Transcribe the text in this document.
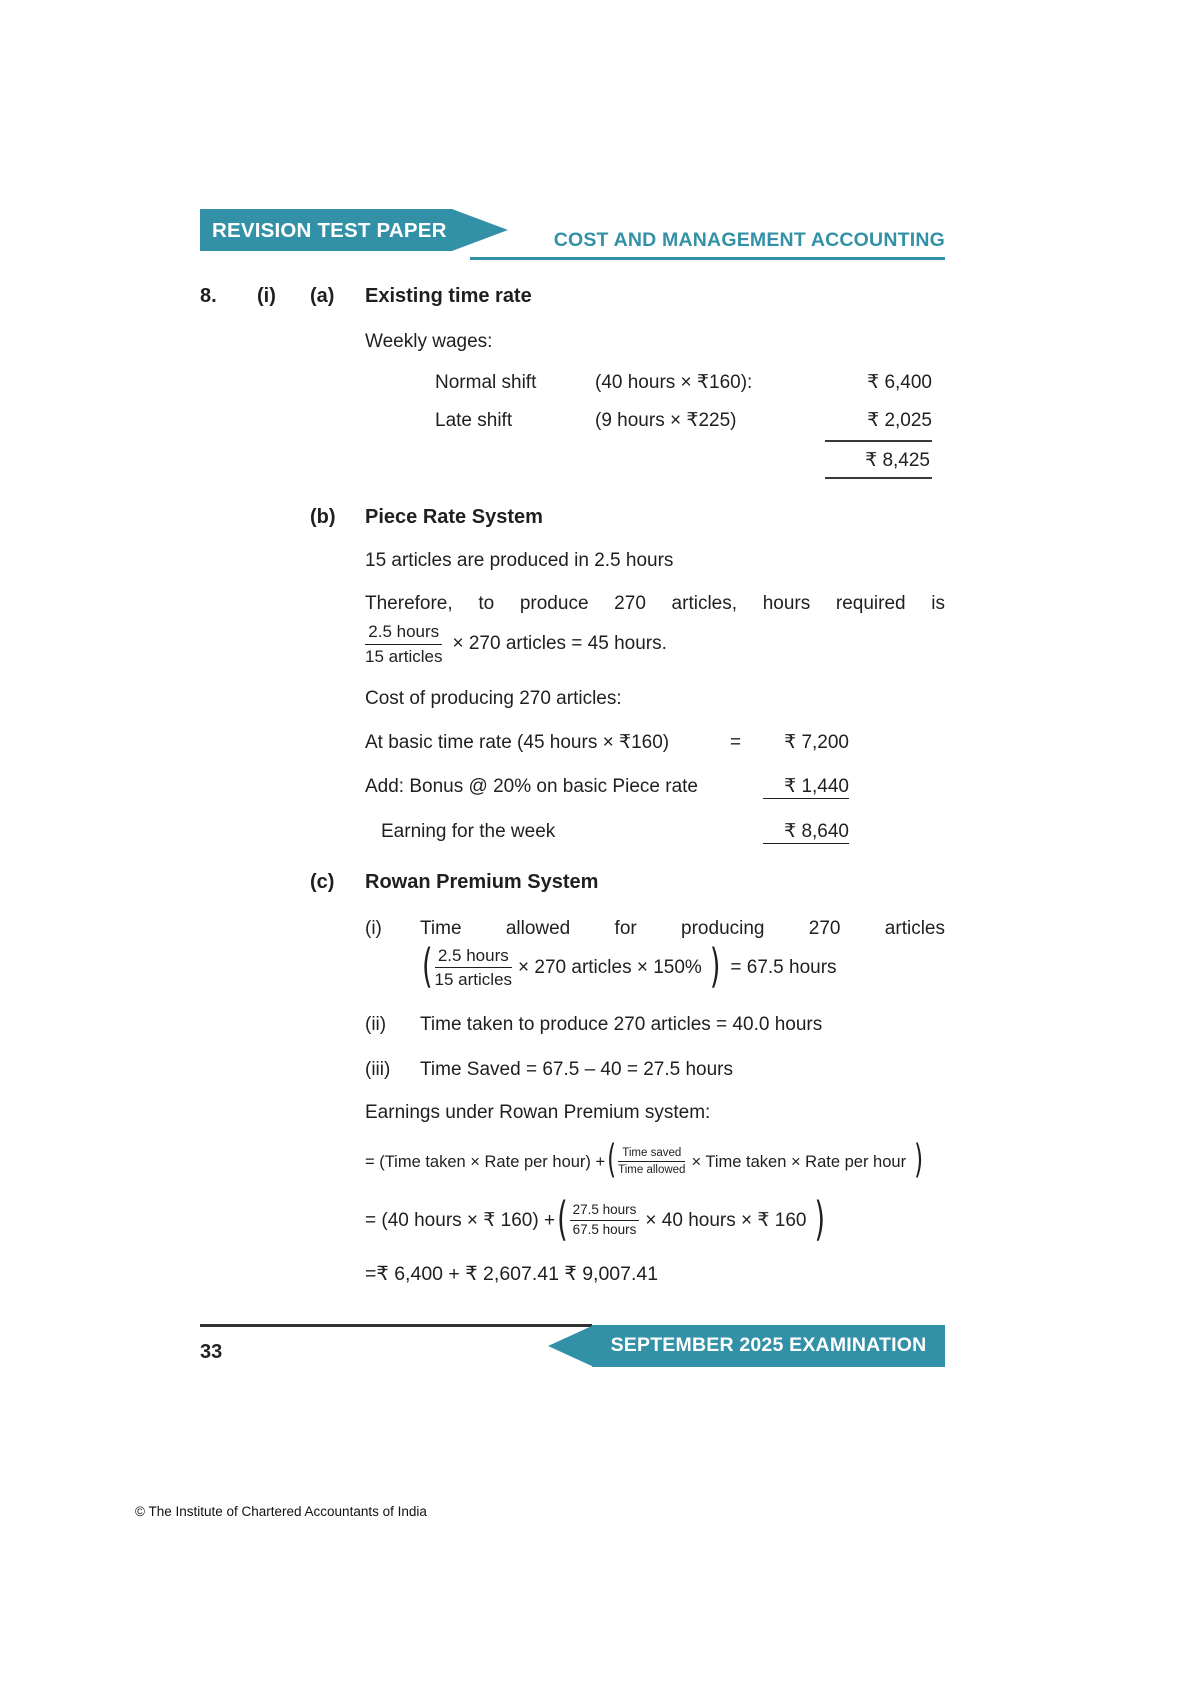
REVISION TEST PAPER	COST AND MANAGEMENT ACCOUNTING
8.	(i)	(a)	Existing time rate
Weekly wages:
Normal shift	(40 hours × ₹160):	₹ 6,400
Late shift	(9 hours × ₹225)	₹ 2,025
₹ 8,425
(b)	Piece Rate System
15 articles are produced in 2.5 hours
Therefore, to produce 270 articles, hours required is
$\frac{\text{2.5 hours}}{\text{15 articles}} \times 270$ articles = 45 hours.
Cost of producing 270 articles:
At basic time rate (45 hours × ₹160)	=	₹ 7,200
Add: Bonus @ 20% on basic Piece rate	₹ 1,440
Earning for the week	₹ 8,640
(c)	Rowan Premium System
(i)	Time allowed for producing 270 articles
( $\frac{\text{2.5 hours}}{\text{15 articles}} \times 270$ articles × 150% ) = 67.5 hours
(ii)	Time taken to produce 270 articles = 40.0 hours
(iii)	Time Saved = 67.5 – 40 = 27.5 hours
Earnings under Rowan Premium system:
= (Time taken × Rate per hour) + ( $\frac{\text{Time saved}}{\text{Time allowed}}$ × Time taken × Rate per hour )
= (40 hours × ₹ 160) + ( $\frac{\text{27.5 hours}}{\text{67.5 hours}} \times 40$ hours × ₹ 160 )
=₹ 6,400 + ₹ 2,607.41 ₹ 9,007.41
SEPTEMBER 2025 EXAMINATION
33
© The Institute of Chartered Accountants of India
